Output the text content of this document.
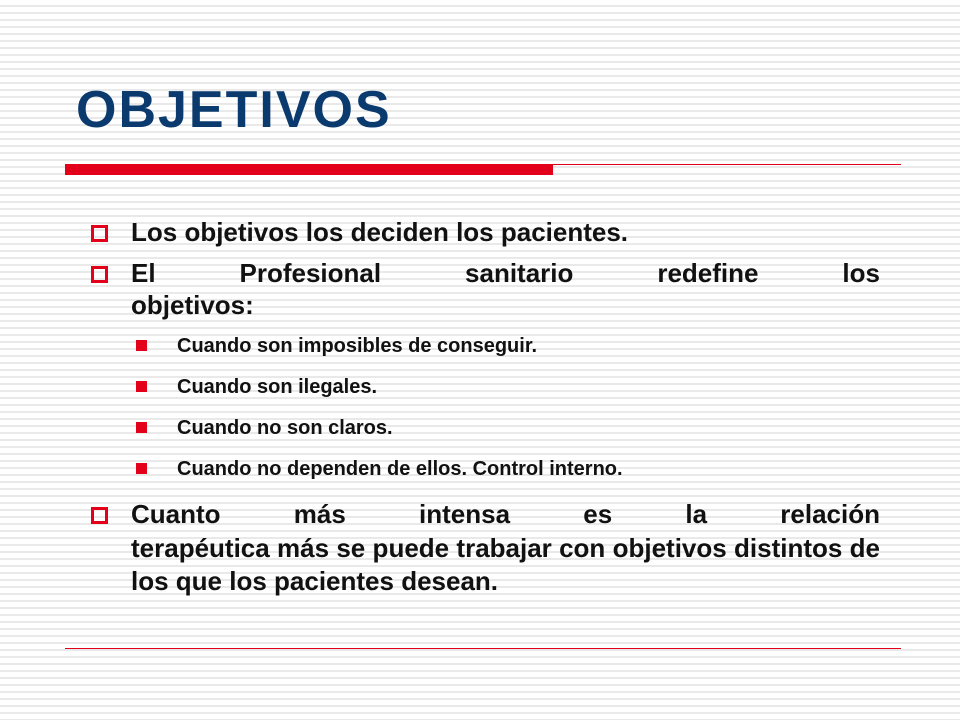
OBJETIVOS
Los objetivos los deciden los pacientes.
El Profesional sanitario redefine los
objetivos:
Cuando son imposibles de conseguir.
Cuando son ilegales.
Cuando no son claros.
Cuando no dependen de ellos. Control interno.
Cuanto más intensa es la relación
terapéutica más se puede trabajar con objetivos distintos de los que los pacientes desean.
